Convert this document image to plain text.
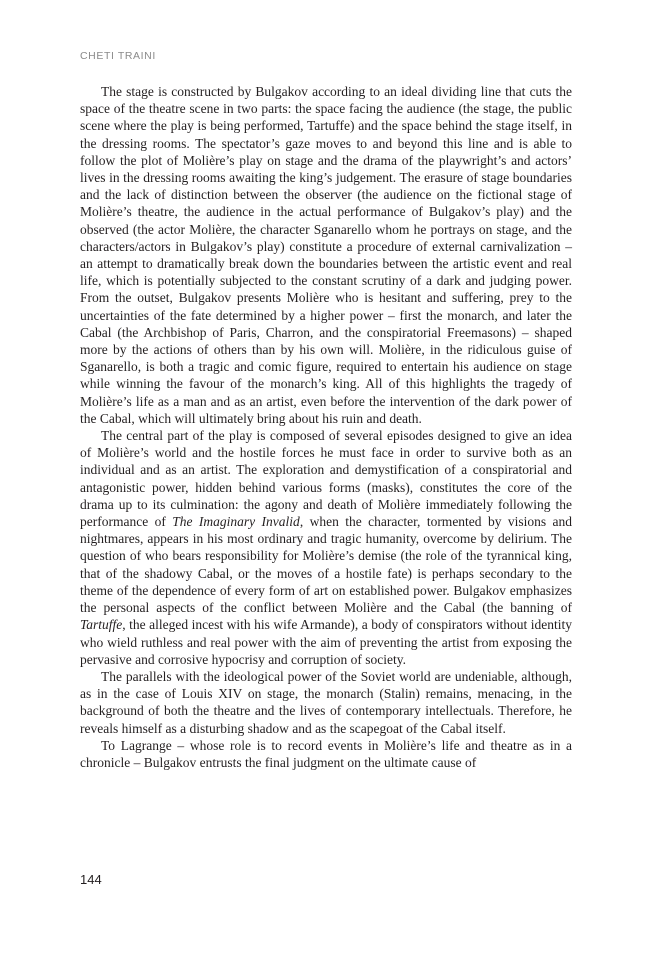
CHETI TRAINI

The stage is constructed by Bulgakov according to an ideal dividing line that cuts the space of the theatre scene in two parts: the space facing the audience (the stage, the public scene where the play is being performed, Tartuffe) and the space behind the stage itself, in the dressing rooms. The spectator’s gaze moves to and beyond this line and is able to follow the plot of Molière’s play on stage and the drama of the playwright’s and actors’ lives in the dressing rooms awaiting the king’s judgement. The erasure of stage boundaries and the lack of distinction between the observer (the audience on the fictional stage of Molière’s theatre, the audience in the actual performance of Bulgakov’s play) and the observed (the actor Molière, the character Sganarello whom he portrays on stage, and the characters/actors in Bulgakov’s play) constitute a procedure of external carnivalization – an attempt to dramatically break down the boundaries between the artistic event and real life, which is potentially subjected to the constant scrutiny of a dark and judging power. From the outset, Bulgakov presents Molière who is hesitant and suffering, prey to the uncertainties of the fate determined by a higher power – first the monarch, and later the Cabal (the Archbishop of Paris, Charron, and the conspiratorial Freemasons) – shaped more by the actions of others than by his own will. Molière, in the ridiculous guise of Sganarello, is both a tragic and comic figure, required to entertain his audience on stage while winning the favour of the monarch’s king. All of this highlights the tragedy of Molière’s life as a man and as an artist, even before the intervention of the dark power of the Cabal, which will ultimately bring about his ruin and death.

The central part of the play is composed of several episodes designed to give an idea of Molière’s world and the hostile forces he must face in order to survive both as an individual and as an artist. The exploration and demystification of a conspiratorial and antagonistic power, hidden behind various forms (masks), constitutes the core of the drama up to its culmination: the agony and death of Molière immediately following the performance of The Imaginary Invalid, when the character, tormented by visions and nightmares, appears in his most ordinary and tragic humanity, overcome by delirium. The question of who bears responsibility for Molière’s demise (the role of the tyrannical king, that of the shadowy Cabal, or the moves of a hostile fate) is perhaps secondary to the theme of the dependence of every form of art on established power. Bulgakov emphasizes the personal aspects of the conflict between Molière and the Cabal (the banning of Tartuffe, the alleged incest with his wife Armande), a body of conspirators without identity who wield ruthless and real power with the aim of preventing the artist from exposing the pervasive and corrosive hypocrisy and corruption of society.

The parallels with the ideological power of the Soviet world are undeniable, although, as in the case of Louis XIV on stage, the monarch (Stalin) remains, menacing, in the background of both the theatre and the lives of contemporary intellectuals. Therefore, he reveals himself as a disturbing shadow and as the scapegoat of the Cabal itself.

To Lagrange – whose role is to record events in Molière’s life and theatre as in a chronicle – Bulgakov entrusts the final judgment on the ultimate cause of

144
